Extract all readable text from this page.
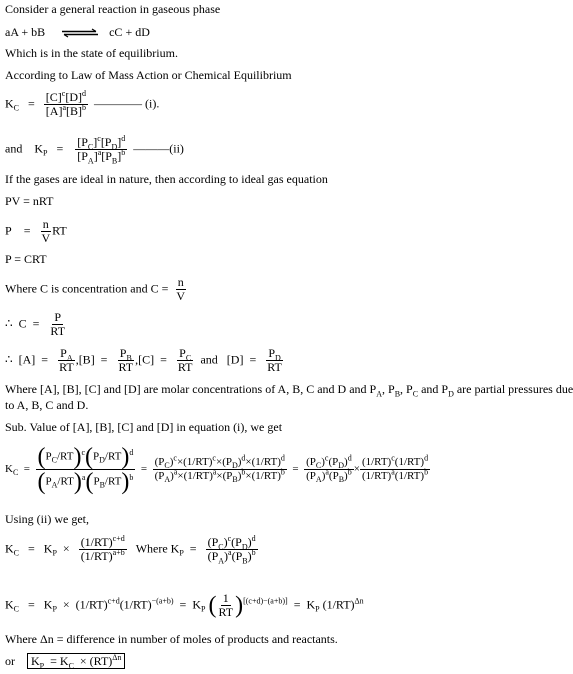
Consider a general reaction in gaseous phase
aA + bB ⇌ cC + dD
Which is in the state of equilibrium.
According to Law of Mass Action or Chemical Equilibrium
$K_C = \frac{[C]^c[D]^d}{[A]^a[B]^b}$ ———— (i).
and $K_P = \frac{[P_C]^c[P_D]^d}{[P_A]^a[P_B]^b}$ ———(ii)
If the gases are ideal in nature, then according to ideal gas equation
PV = nRT
P    = $\frac{n}{V}$ RT
P = CRT
Where C is concentration and $C = \frac{n}{V}$
∴  $C = \frac{P}{RT}$
∴  $[A] = \frac{P_A}{RT} ,[B] = \frac{P_B}{RT} ,[C] = \frac{P_C}{RT}$ and   $[D] = \frac{P_D}{RT}$
Where [A], [B], [C] and [D] are molar concentrations of A, B, C and D and $P_A$, $P_B$, $P_C$ and $P_D$ are partial pressures due
to A, B, C and D.
Sub. Value of [A], [B], [C] and [D] in equation (i), we get
$K_C = \frac{(P_C/RT)^c(P_D/RT)^d}{(P_A/RT)^a(P_B/RT)^b} = \frac{(P_C)^c\times(1/RT)^c\times(P_D)^d\times(1/RT)^d}{(P_A)^a\times(1/RT)^a\times(P_B)^b\times(1/RT)^b} = \frac{(P_C)^c(P_D)^d}{(P_A)^a(P_B)^b} \times \frac{(1/RT)^c(1/RT)^d}{(1/RT)^a(1/RT)^b}$
Using (ii) we get,
$K_C = K_P \times \frac{(1/RT)^{c+d}}{(1/RT)^{a+b}}$ Where $K_P = \frac{(P_C)^c(P_D)^d}{(P_A)^a(P_B)^b}$
$K_C = K_P \times (1/RT)^{c+d}(1/RT)^{-(a+b)} = K_P$ ( $\frac{1}{RT} )[(c+d)-(a+b)] = K_P$ $(1/RT)^{\Delta n}$
Where Δn = difference in number of moles of products and reactants.
or $K_P = K_C \times (RT)^{\Delta n}$
